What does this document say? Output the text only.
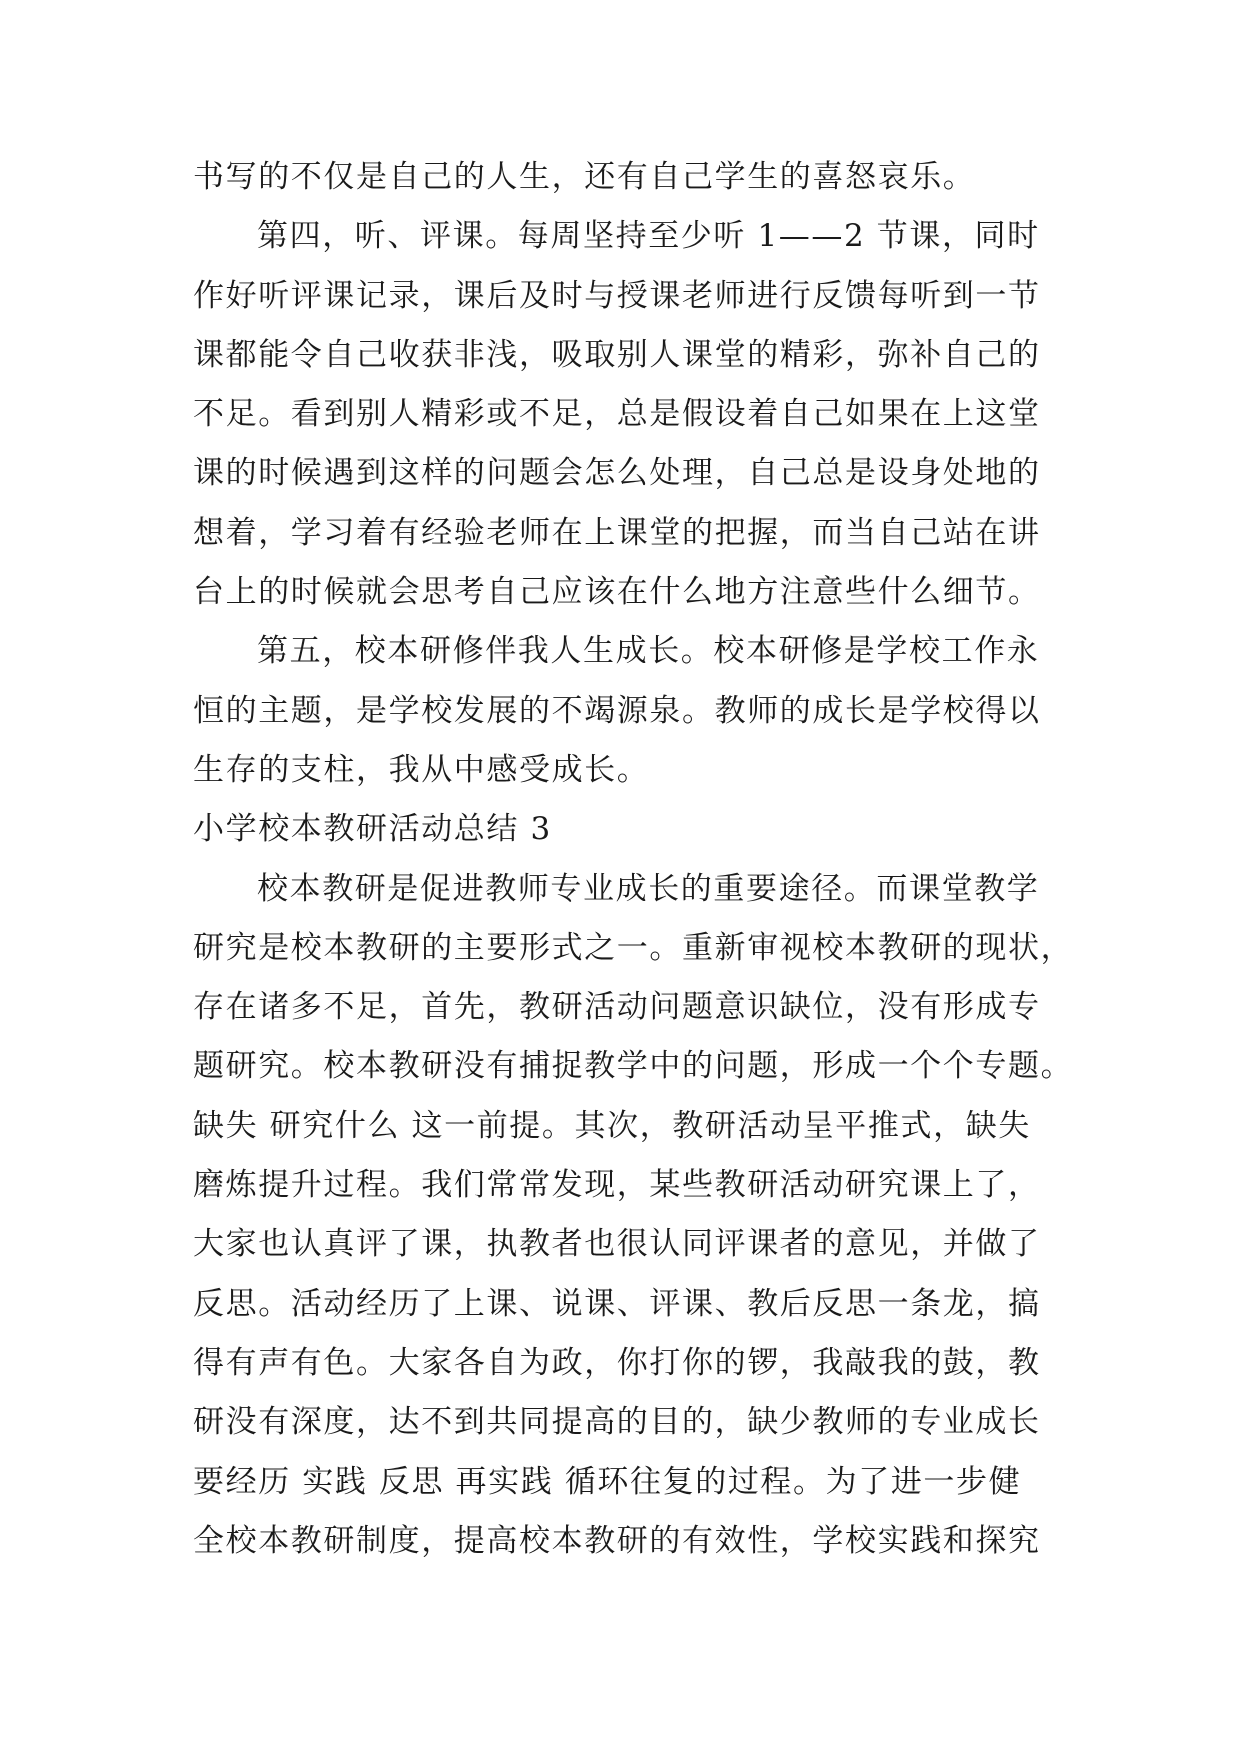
书写的不仅是自己的人生，还有自己学生的喜怒哀乐。
第四，听、评课。每周坚持至少听 1——2 节课，同时
作好听评课记录，课后及时与授课老师进行反馈每听到一节
课都能令自己收获非浅，吸取别人课堂的精彩，弥补自己的
不足。看到别人精彩或不足，总是假设着自己如果在上这堂
课的时候遇到这样的问题会怎么处理，自己总是设身处地的
想着，学习着有经验老师在上课堂的把握，而当自己站在讲
台上的时候就会思考自己应该在什么地方注意些什么细节。
第五，校本研修伴我人生成长。校本研修是学校工作永
恒的主题，是学校发展的不竭源泉。教师的成长是学校得以
生存的支柱，我从中感受成长。
小学校本教研活动总结 3
校本教研是促进教师专业成长的重要途径。而课堂教学
研究是校本教研的主要形式之一。重新审视校本教研的现状，
存在诸多不足，首先，教研活动问题意识缺位，没有形成专
题研究。校本教研没有捕捉教学中的问题，形成一个个专题。
缺失 研究什么 这一前提。其次，教研活动呈平推式，缺失
磨炼提升过程。我们常常发现，某些教研活动研究课上了，
大家也认真评了课，执教者也很认同评课者的意见，并做了
反思。活动经历了上课、说课、评课、教后反思一条龙，搞
得有声有色。大家各自为政，你打你的锣，我敲我的鼓，教
研没有深度，达不到共同提高的目的，缺少教师的专业成长
要经历 实践 反思 再实践 循环往复的过程。为了进一步健
全校本教研制度，提高校本教研的有效性，学校实践和探究
